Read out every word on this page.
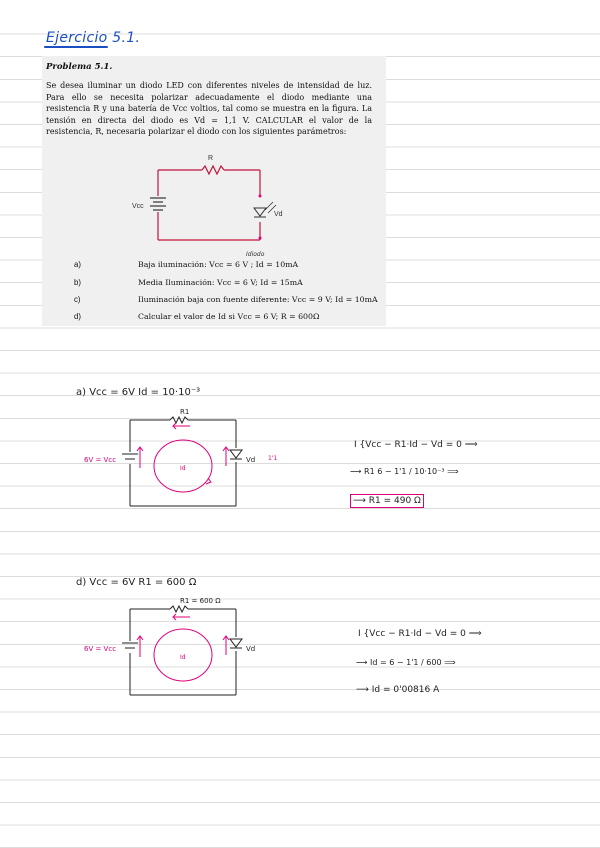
Ejercicio 5.1.
Problema 5.1.
Se desea iluminar un diodo LED con diferentes niveles de intensidad de luz. Para ello se necesita polarizar adecuadamente el diodo mediante una resistencia R y una batería de Vcc voltios, tal como se muestra en la figura. La tensión en directa del diodo es Vd = 1,1 V. CALCULAR el valor de la resistencia, R, necesaria polarizar el diodo con los siguientes parámetros:
R
Vcc
Vd
Idiodo
a)	Baja iluminación: Vcc = 6 V ; Id = 10mA
b)	Media Iluminación: Vcc = 6 V; Id = 15mA
c)	Iluminación baja con fuente diferente: Vcc = 9 V; Id = 10mA
d)	Calcular el valor de Id si Vcc = 6 V; R = 600Ω
a) Vcc = 6V Id = 10·10⁻³
R1
Id
6V = Vcc	Vd 1'1
I {Vcc − R1·Id − Vd = 0 ⟹
⟶ R1 6 − 1'1 / 10·10⁻³ ⟹
⟶ R1 = 490 Ω
d) Vcc = 6V R1 = 600 Ω
R1 = 600 Ω
Id
6V = Vcc	Vd
I {Vcc − R1·Id − Vd = 0 ⟹
⟶ Id = 6 − 1'1 / 600 ⟹
⟶ Id = 0'00816 A
